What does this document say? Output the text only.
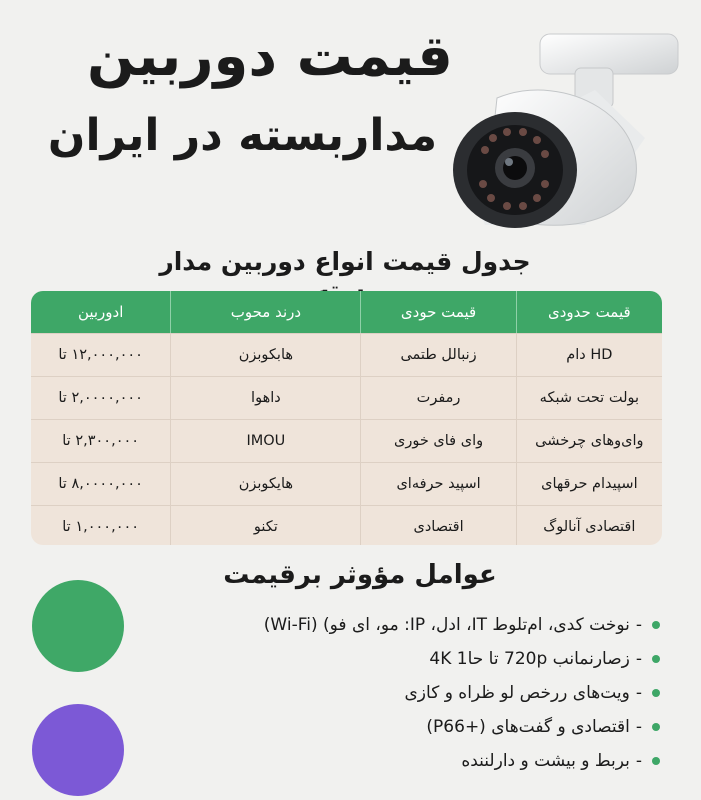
قیمت دوربین
مداربسته در ایران
جدول قیمت انواع دوربین مدار
ادوربین	درند محوب	قیمت حودی	قیمت حدودی
۱۲,۰۰۰,۰۰۰ تا	هابکوبزن	زنبالل طتمی	HD دام
۲,۰۰۰۰,۰۰۰ تا	داهوا	رمفرت	بولت تحت شبکه
۲,۳۰۰,۰۰۰ تا	IMOU	وای فای خوری	وای‌وهای چرخشی
۸,۰۰۰۰,۰۰۰ تا	هایکوبزن	اسپید حرفه‌ای	اسپیدام حرقهای
۱,۰۰۰,۰۰۰ تا	تکنو	اقتصادی	اقتصادی آنالوگ
عوامل مؤوثر برقیمت
-
نوخت کدی، ام‌تلوط IT، ادل، IP: مو، ای فو) (Wi-Fi)
-
زصارنمانب 720p تا حا1 4K
-
ویت‌های ررخص لو ظراه و کازی
-
اقتصادی و گفت‌های (+P66)
-
بربط و بیشت و دارلننده
